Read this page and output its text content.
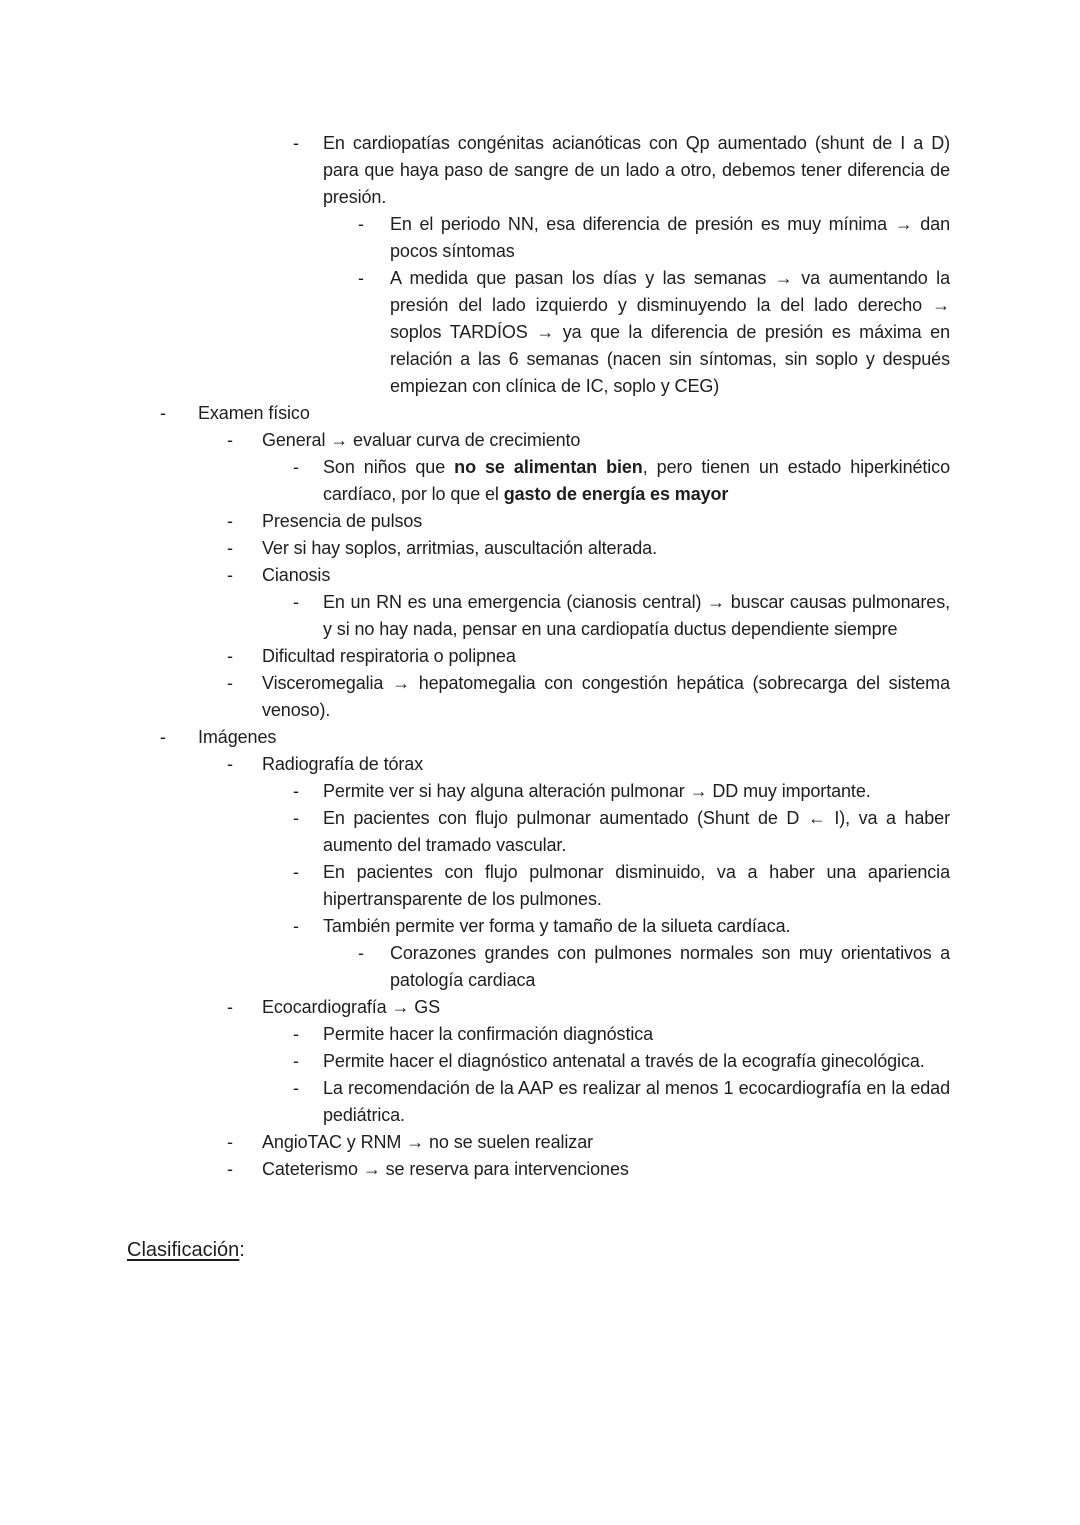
- En cardiopatías congénitas acianóticas con Qp aumentado (shunt de I a D) para que haya paso de sangre de un lado a otro, debemos tener diferencia de presión.
- En el periodo NN, esa diferencia de presión es muy mínima → dan pocos síntomas
- A medida que pasan los días y las semanas → va aumentando la presión del lado izquierdo y disminuyendo la del lado derecho → soplos TARDÍOS → ya que la diferencia de presión es máxima en relación a las 6 semanas (nacen sin síntomas, sin soplo y después empiezan con clínica de IC, soplo y CEG)
- Examen físico
- General → evaluar curva de crecimiento
- Son niños que no se alimentan bien, pero tienen un estado hiperkinético cardíaco, por lo que el gasto de energía es mayor
- Presencia de pulsos
- Ver si hay soplos, arritmias, auscultación alterada.
- Cianosis
- En un RN es una emergencia (cianosis central) → buscar causas pulmonares, y si no hay nada, pensar en una cardiopatía ductus dependiente siempre
- Dificultad respiratoria o polipnea
- Visceromegalia → hepatomegalia con congestión hepática (sobrecarga del sistema venoso).
- Imágenes
- Radiografía de tórax
- Permite ver si hay alguna alteración pulmonar → DD muy importante.
- En pacientes con flujo pulmonar aumentado (Shunt de D ← I), va a haber aumento del tramado vascular.
- En pacientes con flujo pulmonar disminuido, va a haber una apariencia hipertransparente de los pulmones.
- También permite ver forma y tamaño de la silueta cardíaca.
- Corazones grandes con pulmones normales son muy orientativos a patología cardiaca
- Ecocardiografía → GS
- Permite hacer la confirmación diagnóstica
- Permite hacer el diagnóstico antenatal a través de la ecografía ginecológica.
- La recomendación de la AAP es realizar al menos 1 ecocardiografía en la edad pediátrica.
- AngioTAC y RNM → no se suelen realizar
- Cateterismo → se reserva para intervenciones
Clasificación:
